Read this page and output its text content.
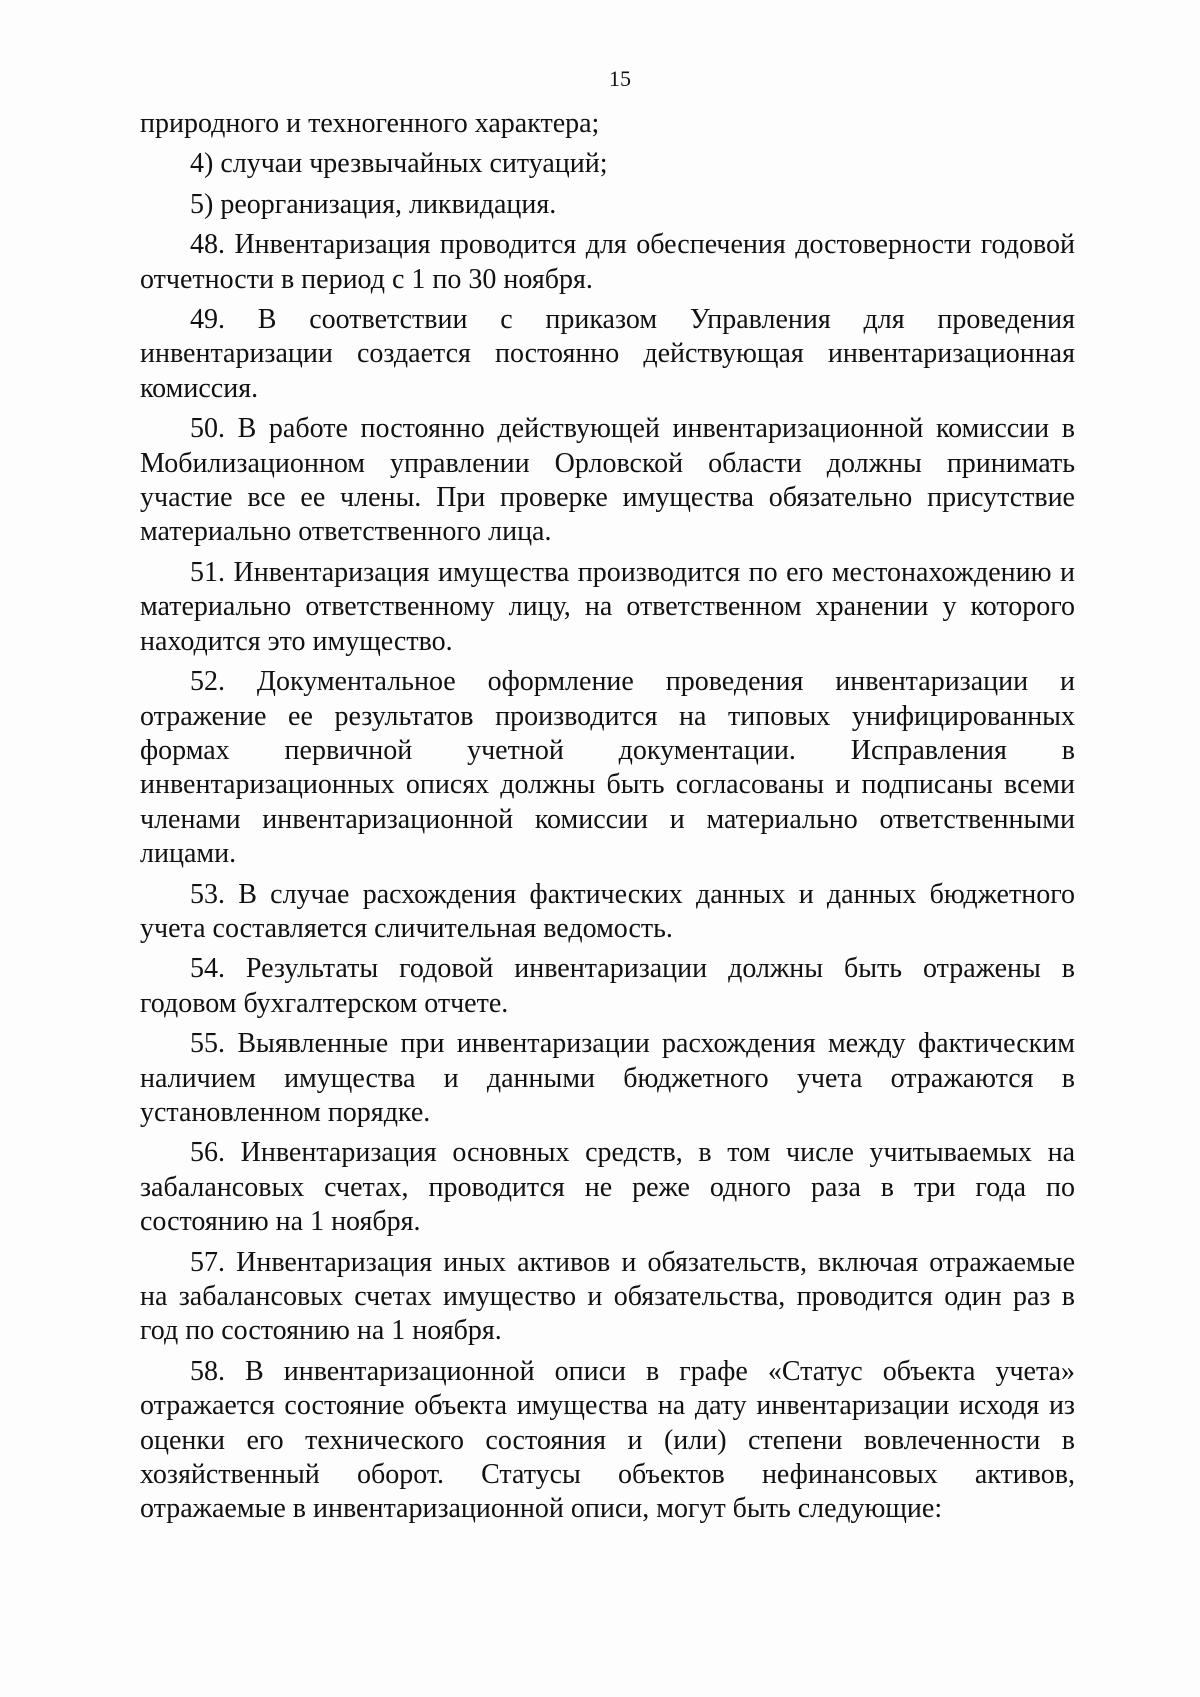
15

природного и техногенного характера;

4) случаи чрезвычайных ситуаций;

5) реорганизация, ликвидация.

48. Инвентаризация проводится для обеспечения достоверности годовой отчетности в период с 1 по 30 ноября.

49. В соответствии с приказом Управления для проведения инвентаризации создается постоянно действующая инвентаризационная комиссия.

50. В работе постоянно действующей инвентаризационной комиссии в Мобилизационном управлении Орловской области должны принимать участие все ее члены. При проверке имущества обязательно присутствие материально ответственного лица.

51. Инвентаризация имущества производится по его местонахождению и материально ответственному лицу, на ответственном хранении у которого находится это имущество.

52. Документальное оформление проведения инвентаризации и отражение ее результатов производится на типовых унифицированных формах первичной учетной документации. Исправления в инвентаризационных описях должны быть согласованы и подписаны всеми членами инвентаризационной комиссии и материально ответственными лицами.

53. В случае расхождения фактических данных и данных бюджетного учета составляется сличительная ведомость.

54. Результаты годовой инвентаризации должны быть отражены в годовом бухгалтерском отчете.

55. Выявленные при инвентаризации расхождения между фактическим наличием имущества и данными бюджетного учета отражаются в установленном порядке.

56. Инвентаризация основных средств, в том числе учитываемых на забалансовых счетах, проводится не реже одного раза в три года по состоянию на 1 ноября.

57. Инвентаризация иных активов и обязательств, включая отражаемые на забалансовых счетах имущество и обязательства, проводится один раз в год по состоянию на 1 ноября.

58. В инвентаризационной описи в графе «Статус объекта учета» отражается состояние объекта имущества на дату инвентаризации исходя из оценки его технического состояния и (или) степени вовлеченности в хозяйственный оборот. Статусы объектов нефинансовых активов, отражаемые в инвентаризационной описи, могут быть следующие:
